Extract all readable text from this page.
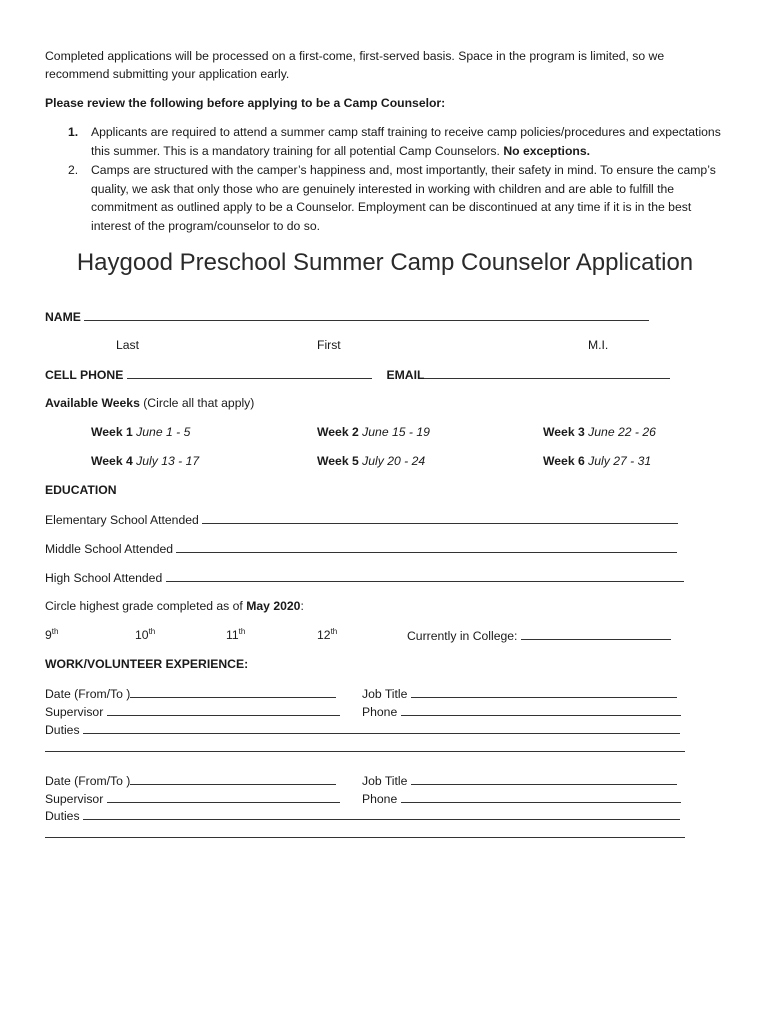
Completed applications will be processed on a first-come, first-served basis. Space in the program is limited, so we
recommend submitting your application early.
Please review the following before applying to be a Camp Counselor:
1. Applicants are required to attend a summer camp staff training to receive camp policies/procedures and expectations this summer. This is a mandatory training for all potential Camp Counselors. No exceptions.
2. Camps are structured with the camper’s happiness and, most importantly, their safety in mind. To ensure the camp’s quality, we ask that only those who are genuinely interested in working with children and are able to fulfill the commitment as outlined apply to be a Counselor. Employment can be discontinued at any time if it is in the best interest of the program/counselor to do so.
Haygood Preschool Summer Camp Counselor Application
NAME
Last	First	M.I.
CELL PHONE	EMAIL
Available Weeks (Circle all that apply)
Week 1 June 1 - 5	Week 2 June 15 - 19	Week 3 June 22 - 26
Week 4 July 13 - 17	Week 5 July 20 - 24	Week 6 July 27 - 31
EDUCATION
Elementary School Attended
Middle School Attended
High School Attended
Circle highest grade completed as of May 2020:
9th	10th	11th	12th	Currently in College:
WORK/VOLUNTEER EXPERIENCE:
Date (From/To )	Job Title
Supervisor	Phone
Duties
Date (From/To )	Job Title
Supervisor	Phone
Duties
